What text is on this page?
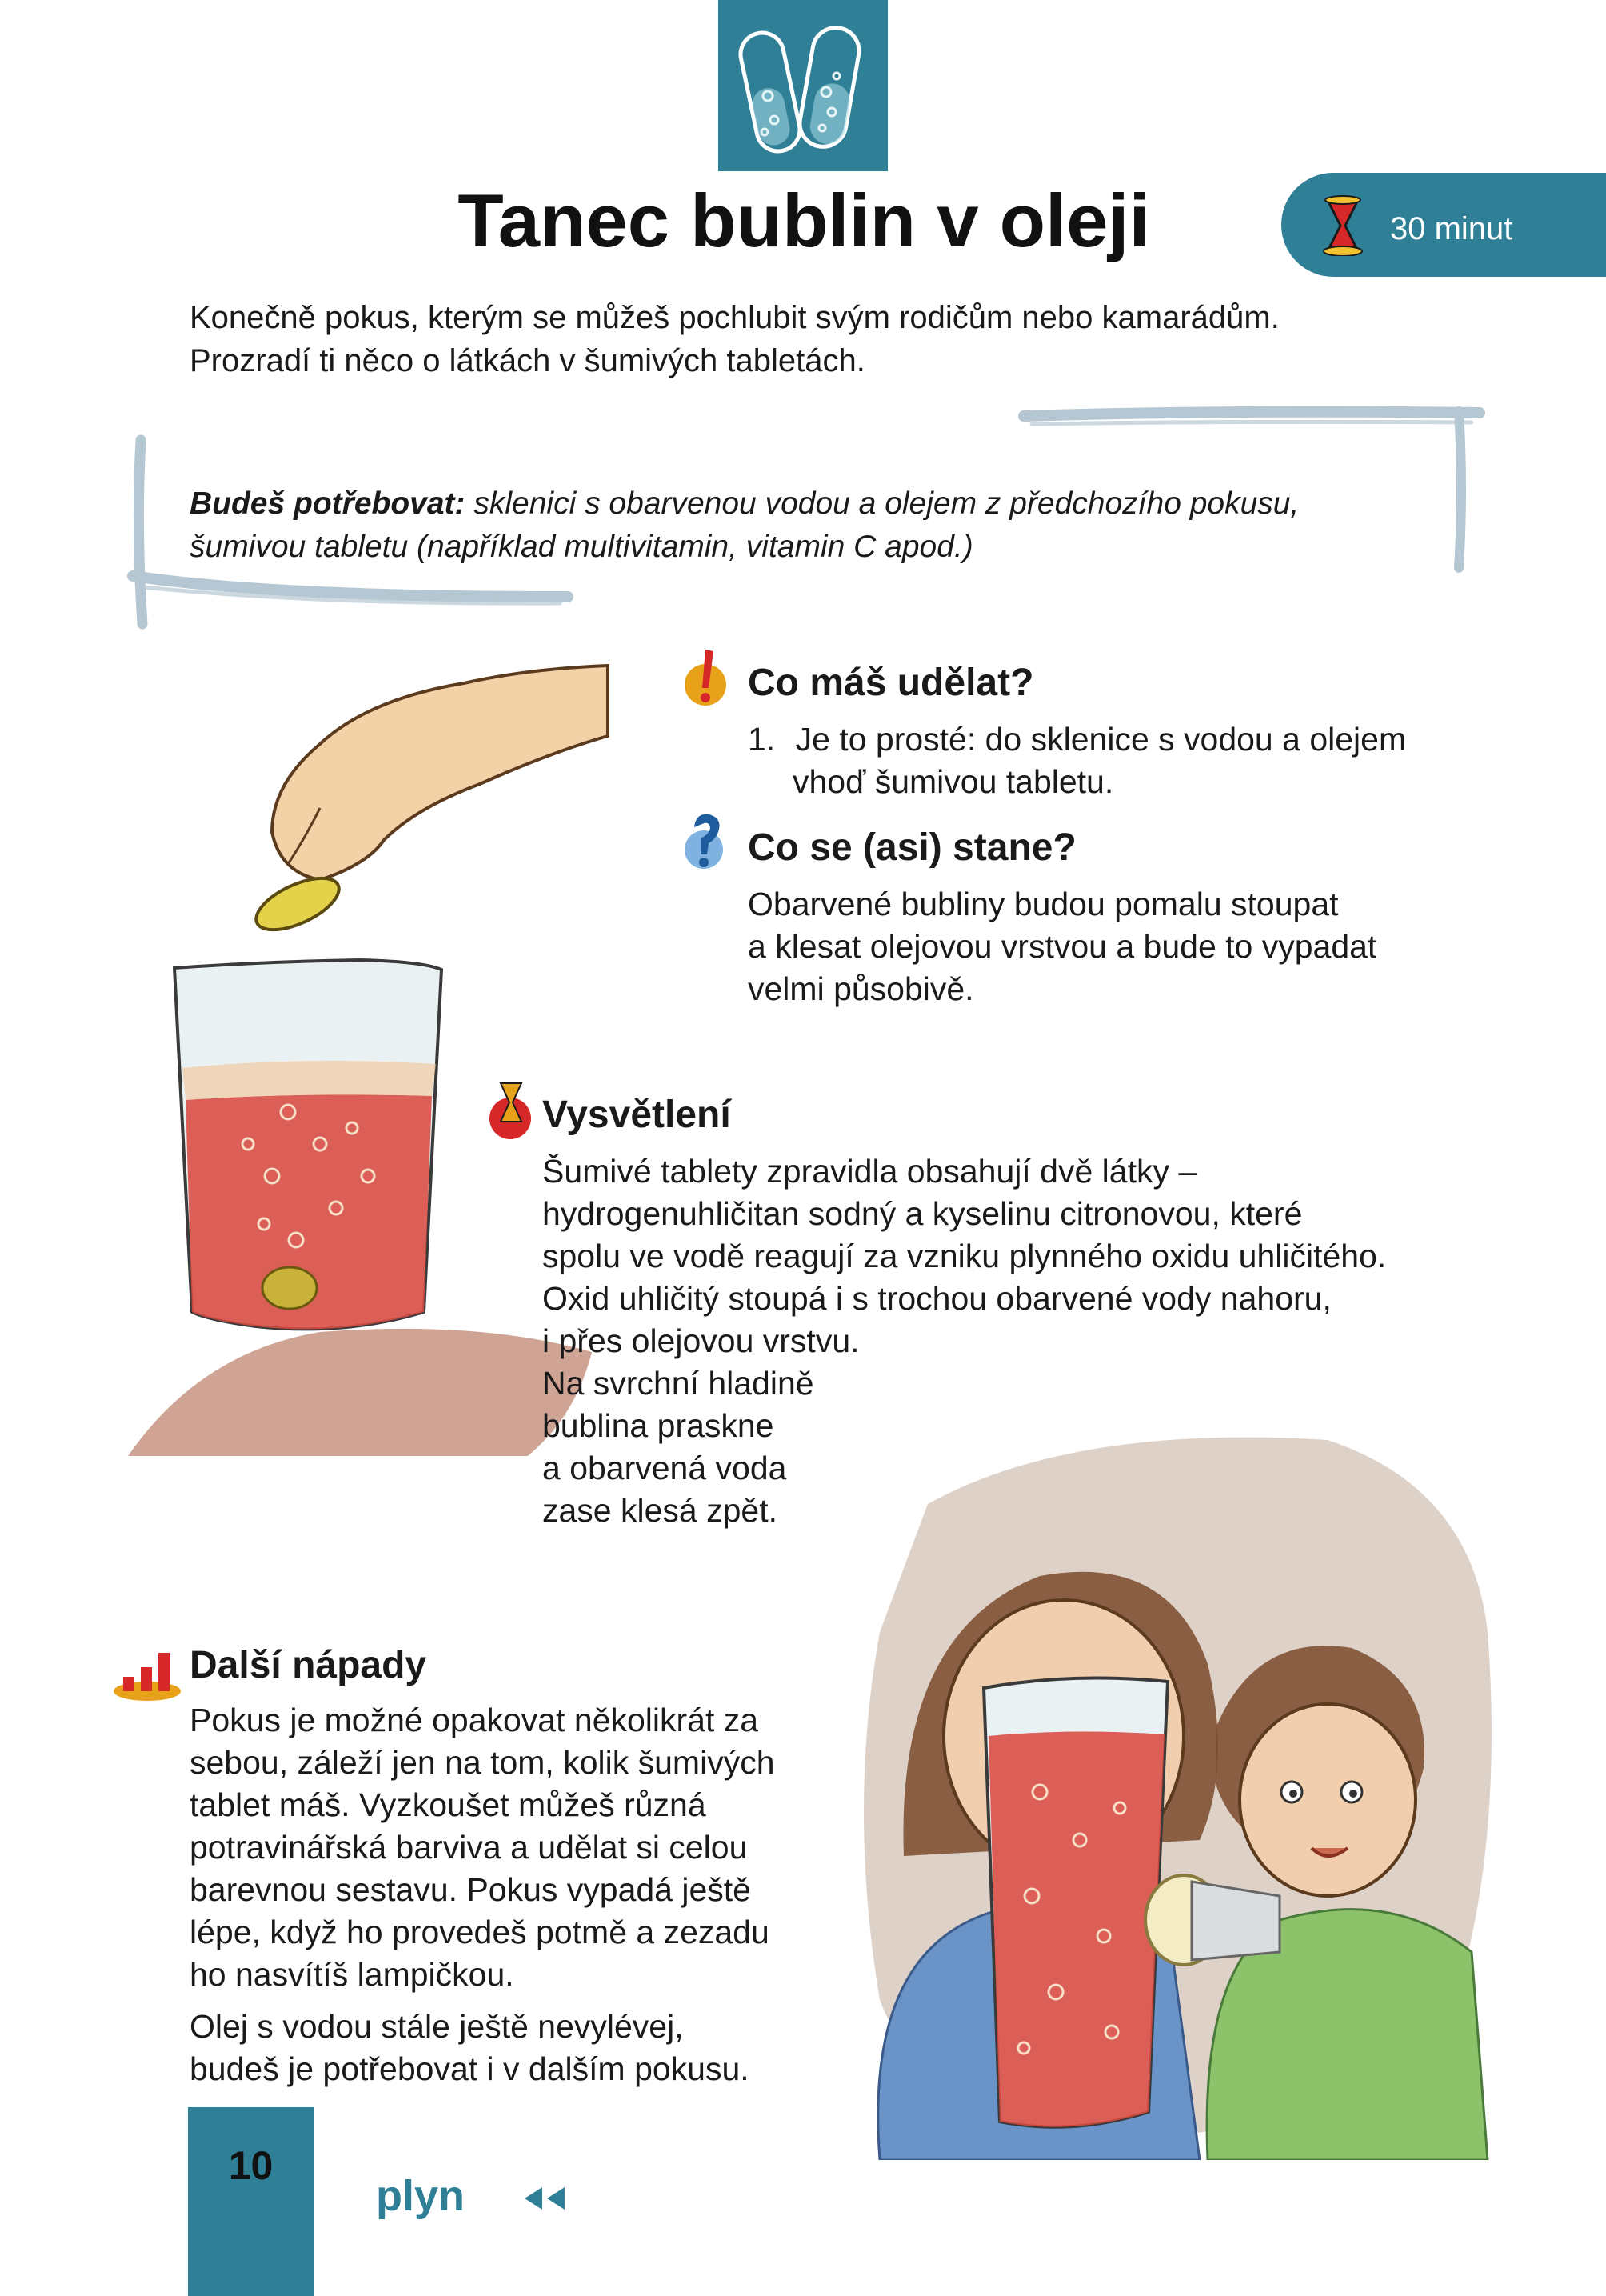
Tanec bublin v oleji	30 minut

Konečně pokus, kterým se můžeš pochlubit svým rodičům nebo kamarádům.

Prozradí ti něco o látkách v šumivých tabletách.

Budeš potřebovat: sklenici s obarvenou vodou a olejem z předchozího pokusu,
šumivou tabletu (například multivitamin, vitamin C apod.)
Co máš udělat?
1. Je to prosté: do sklenice s vodou a olejem
vhoď šumivou tabletu.
Co se (asi) stane?

Obarvené bubliny budou pomalu stoupat

a klesat olejovou vrstvou a bude to vypadat

velmi působivě.

Vysvětlení

Šumivé tablety zpravidla obsahují dvě látky –

hydrogenuhličitan sodný a kyselinu citronovou, které

spolu ve vodě reagují za vzniku plynného oxidu uhličitého.

Oxid uhličitý stoupá i s trochou obarvené vody nahoru,

i přes olejovou vrstvu.

Na svrchní hladině

bublina praskne

a obarvená voda

zase klesá zpět.

Další nápady

Pokus je možné opakovat několikrát za

sebou, záleží jen na tom, kolik šumivých

tablet máš. Vyzkoušet můžeš různá

potravinářská barviva a udělat si celou

barevnou sestavu. Pokus vypadá ještě

lépe, když ho provedeš potmě a zezadu

ho nasvítíš lampičkou.

Olej s vodou stále ještě nevylévej,

budeš je potřebovat i v dalším pokusu.

10
plyn
